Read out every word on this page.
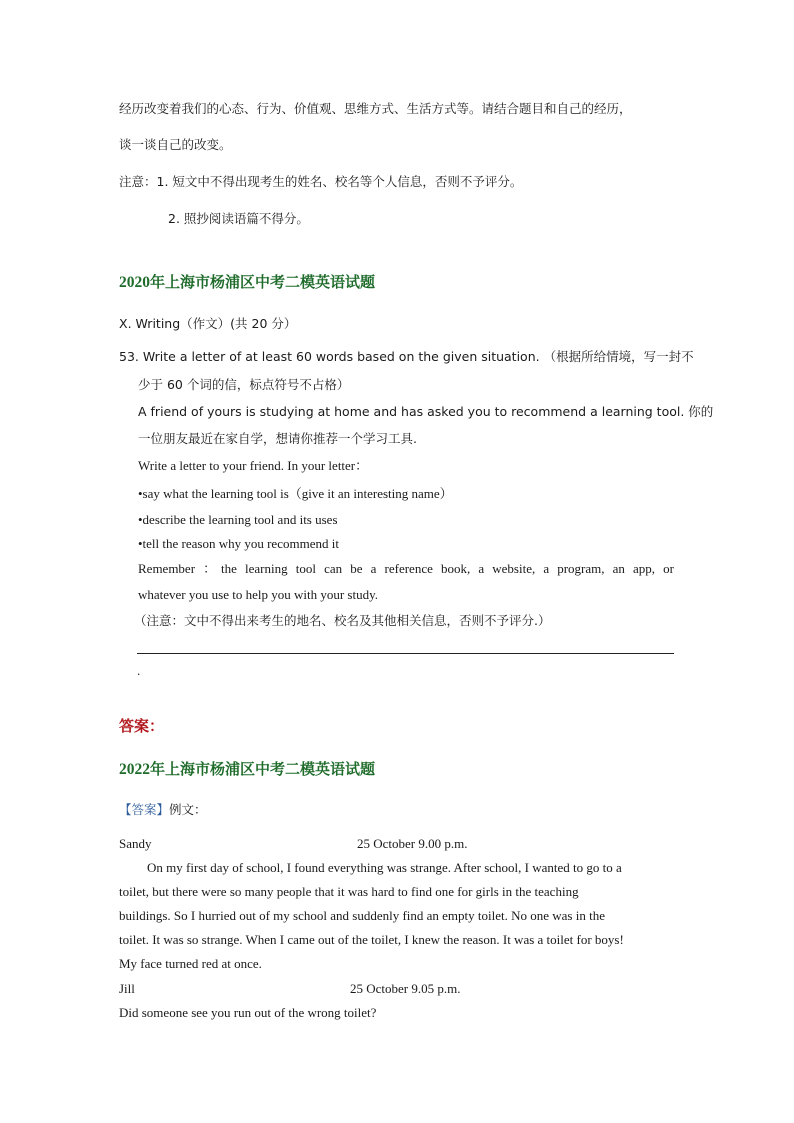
经历改变着我们的心态、行为、价值观、思维方式、生活方式等。请结合题目和自己的经历，
谈一谈自己的改变。
注意：1. 短文中不得出现考生的姓名、校名等个人信息，否则不予评分。
2. 照抄阅读语篇不得分。
2020年上海市杨浦区中考二模英语试题
X. Writing（作文）(共 20 分）
53. Write a letter of at least 60 words based on the given situation. （根据所给情境，写一封不
少于 60 个词的信，标点符号不占格）
A friend of yours is studying at home and has asked you to recommend a learning tool. 你的
一位朋友最近在家自学，想请你推荐一个学习工具.
Write a letter to your friend. In your letter：
•say what the learning tool is（give it an interesting name）
•describe the learning tool and its uses
•tell the reason why you recommend it
Remember ：the learning tool can be a reference book, a website, a program, an app, or
whatever you use to help you with your study.
（注意：文中不得出来考生的地名、校名及其他相关信息，否则不予评分.）
.
答案：
2022年上海市杨浦区中考二模英语试题
【答案】例文：
Sandy	25 October 9.00 p.m.
On my first day of school, I found everything was strange. After school, I wanted to go to a
toilet, but there were so many people that it was hard to find one for girls in the teaching
buildings. So I hurried out of my school and suddenly find an empty toilet. No one was in the
toilet. It was so strange. When I came out of the toilet, I knew the reason. It was a toilet for boys!
My face turned red at once.
Jill	25 October 9.05 p.m.
Did someone see you run out of the wrong toilet?
